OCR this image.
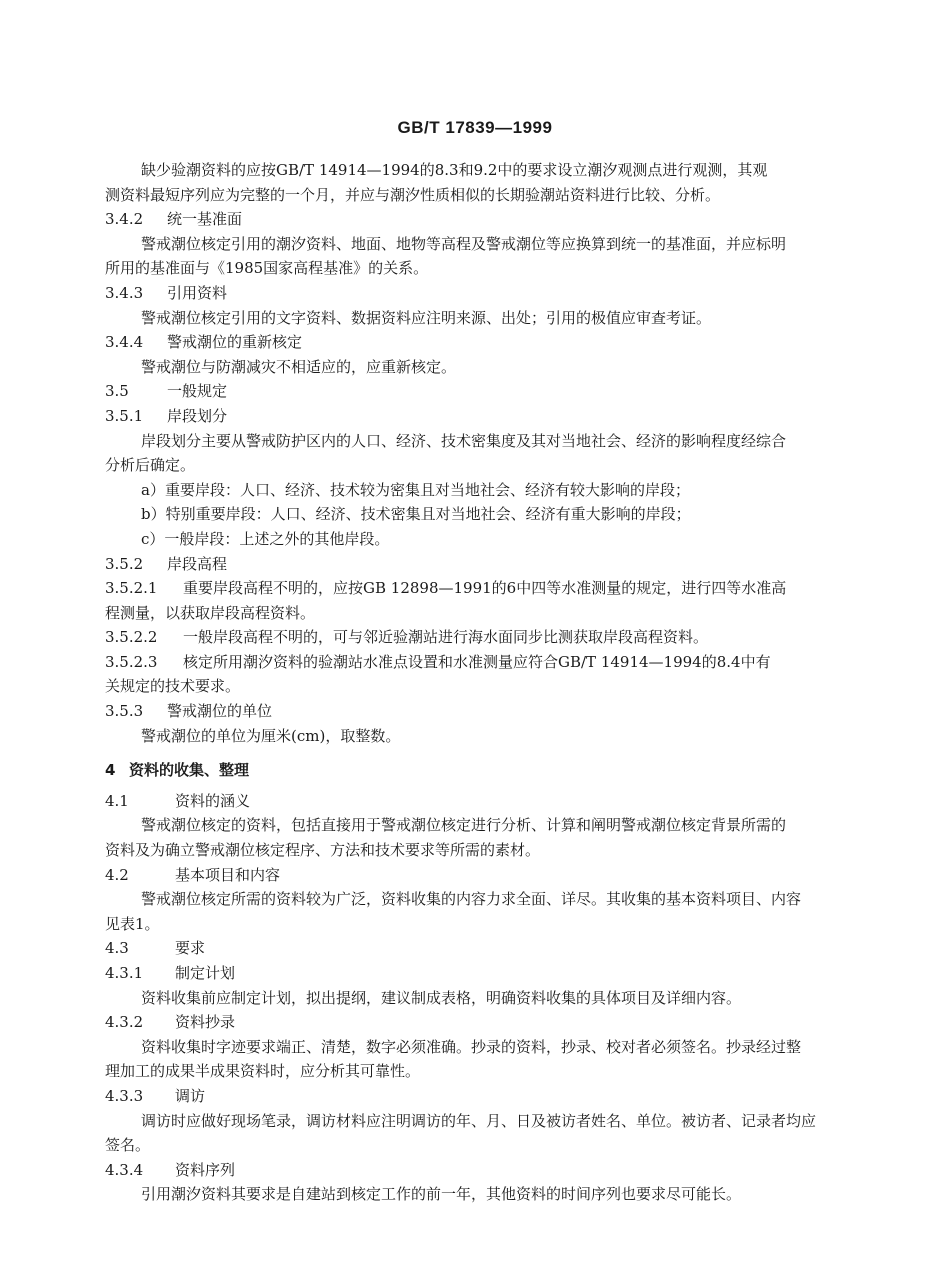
GB/T 17839—1999
缺少验潮资料的应按GB/T 14914—1994的8.3和9.2中的要求设立潮汐观测点进行观测，其观
测资料最短序列应为完整的一个月，并应与潮汐性质相似的长期验潮站资料进行比较、分析。
3.4.2 统一基准面
警戒潮位核定引用的潮汐资料、地面、地物等高程及警戒潮位等应换算到统一的基准面，并应标明
所用的基准面与《1985国家高程基准》的关系。
3.4.3 引用资料
警戒潮位核定引用的文字资料、数据资料应注明来源、出处；引用的极值应审查考证。
3.4.4 警戒潮位的重新核定
警戒潮位与防潮减灾不相适应的，应重新核定。
3.5	一般规定
3.5.1 岸段划分
岸段划分主要从警戒防护区内的人口、经济、技术密集度及其对当地社会、经济的影响程度经综合
分析后确定。
a）重要岸段：人口、经济、技术较为密集且对当地社会、经济有较大影响的岸段；
b）特别重要岸段：人口、经济、技术密集且对当地社会、经济有重大影响的岸段；
c）一般岸段：上述之外的其他岸段。
3.5.2 岸段高程
3.5.2.1 重要岸段高程不明的，应按GB 12898—1991的6中四等水准测量的规定，进行四等水准高
程测量，以获取岸段高程资料。
3.5.2.2 一般岸段高程不明的，可与邻近验潮站进行海水面同步比测获取岸段高程资料。
3.5.2.3 核定所用潮汐资料的验潮站水准点设置和水准测量应符合GB/T 14914—1994的8.4中有
关规定的技术要求。
3.5.3 警戒潮位的单位
警戒潮位的单位为厘米(cm)，取整数。
4 资料的收集、整理
4.1	资料的涵义
警戒潮位核定的资料，包括直接用于警戒潮位核定进行分析、计算和阐明警戒潮位核定背景所需的
资料及为确立警戒潮位核定程序、方法和技术要求等所需的素材。
4.2	基本项目和内容
警戒潮位核定所需的资料较为广泛，资料收集的内容力求全面、详尽。其收集的基本资料项目、内容
见表1。
4.3	要求
4.3.1 制定计划
资料收集前应制定计划，拟出提纲，建议制成表格，明确资料收集的具体项目及详细内容。
4.3.2 资料抄录
资料收集时字迹要求端正、清楚，数字必须准确。抄录的资料，抄录、校对者必须签名。抄录经过整
理加工的成果半成果资料时，应分析其可靠性。
4.3.3 调访
调访时应做好现场笔录，调访材料应注明调访的年、月、日及被访者姓名、单位。被访者、记录者均应
签名。
4.3.4 资料序列
引用潮汐资料其要求是自建站到核定工作的前一年，其他资料的时间序列也要求尽可能长。
